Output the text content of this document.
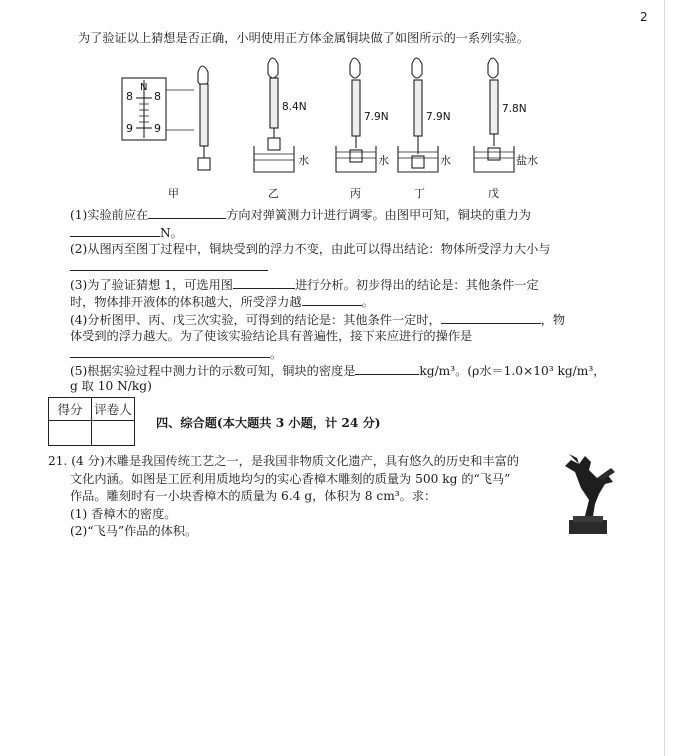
2
为了验证以上猜想是否正确，小明使用正方体金属铜块做了如图所示的一系列实验。
8
N
8
9 9
8.4N
7.9N	7.9N
7.8N
水	水	水	盐水
甲	乙	丙	丁	戊
(1)实验前应在	方向对弹簧测力计进行调零。由图甲可知，铜块的重力为
N。
(2)从图丙至图丁过程中，铜块受到的浮力不变，由此可以得出结论：物体所受浮力大小与
(3)为了验证猜想 1，可选用图	进行分析。初步得出的结论是：其他条件一定
时，物体排开液体的体积越大，所受浮力越	。
(4)分析图甲、丙、戊三次实验，可得到的结论是：其他条件一定时，	，物
体受到的浮力越大。为了使该实验结论具有普遍性，接下来应进行的操作是
。
(5)根据实验过程中测力计的示数可知，铜块的密度是	kg/m³。(ρ水＝1.0×10³ kg/m³，
g 取 10 N/kg)
得分	评卷人

四、综合题(本大题共 3 小题，计 24 分)
21. (4 分)木雕是我国传统工艺之一，是我国非物质文化遗产，具有悠久的历史和丰富的
文化内涵。如图是工匠利用质地均匀的实心香樟木雕刻的质量为 500 kg 的“飞马”
作品。雕刻时有一小块香樟木的质量为 6.4 g，体积为 8 cm³。求：
(1) 香樟木的密度。
(2)“飞马”作品的体积。
